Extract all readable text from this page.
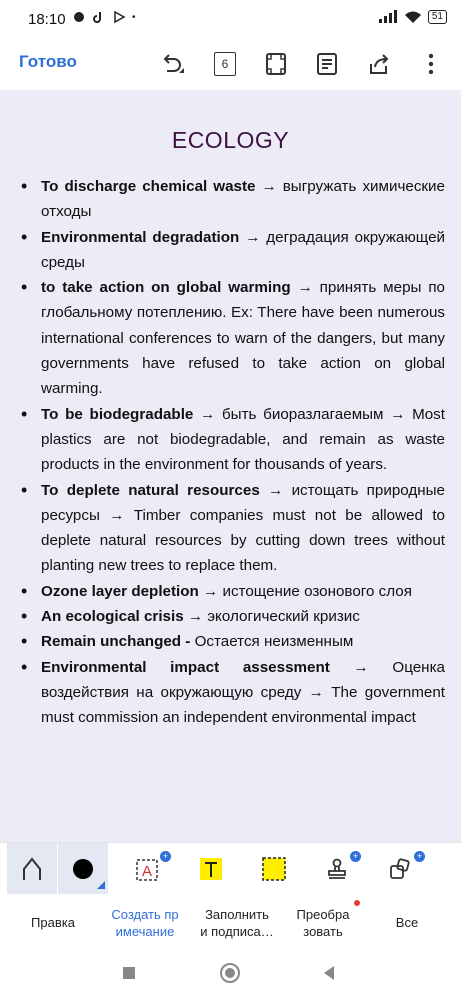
18:10	•	51
Готово	6
ECOLOGY
• To discharge chemical waste → выгружать химические отходы
• Environmental degradation → деградация окружающей среды
• to take action on global warming → принять меры по глобальному потеплению. Ex: There have been numerous international conferences to warn of the dangers, but many governments have refused to take action on global warming.
• To be biodegradable → быть биоразлагаемым → Most plastics are not biodegradable, and remain as waste products in the environment for thousands of years.
• To deplete natural resources → истощать природные ресурсы → Timber companies must not be allowed to deplete natural resources by cutting down trees without planting new trees to replace them.
• Ozone layer depletion → истощение озонового слоя
• An ecological crisis → экологический кризис
• Remain unchanged - Остается неизменным
• Environmental impact assessment → Оценка воздействия на окружающую среду → The government must commission an independent environmental impact
A
+	+	+
Правка
Создать пр
имечание
Заполнить
и подписа…
Преобра
зовать
Все
